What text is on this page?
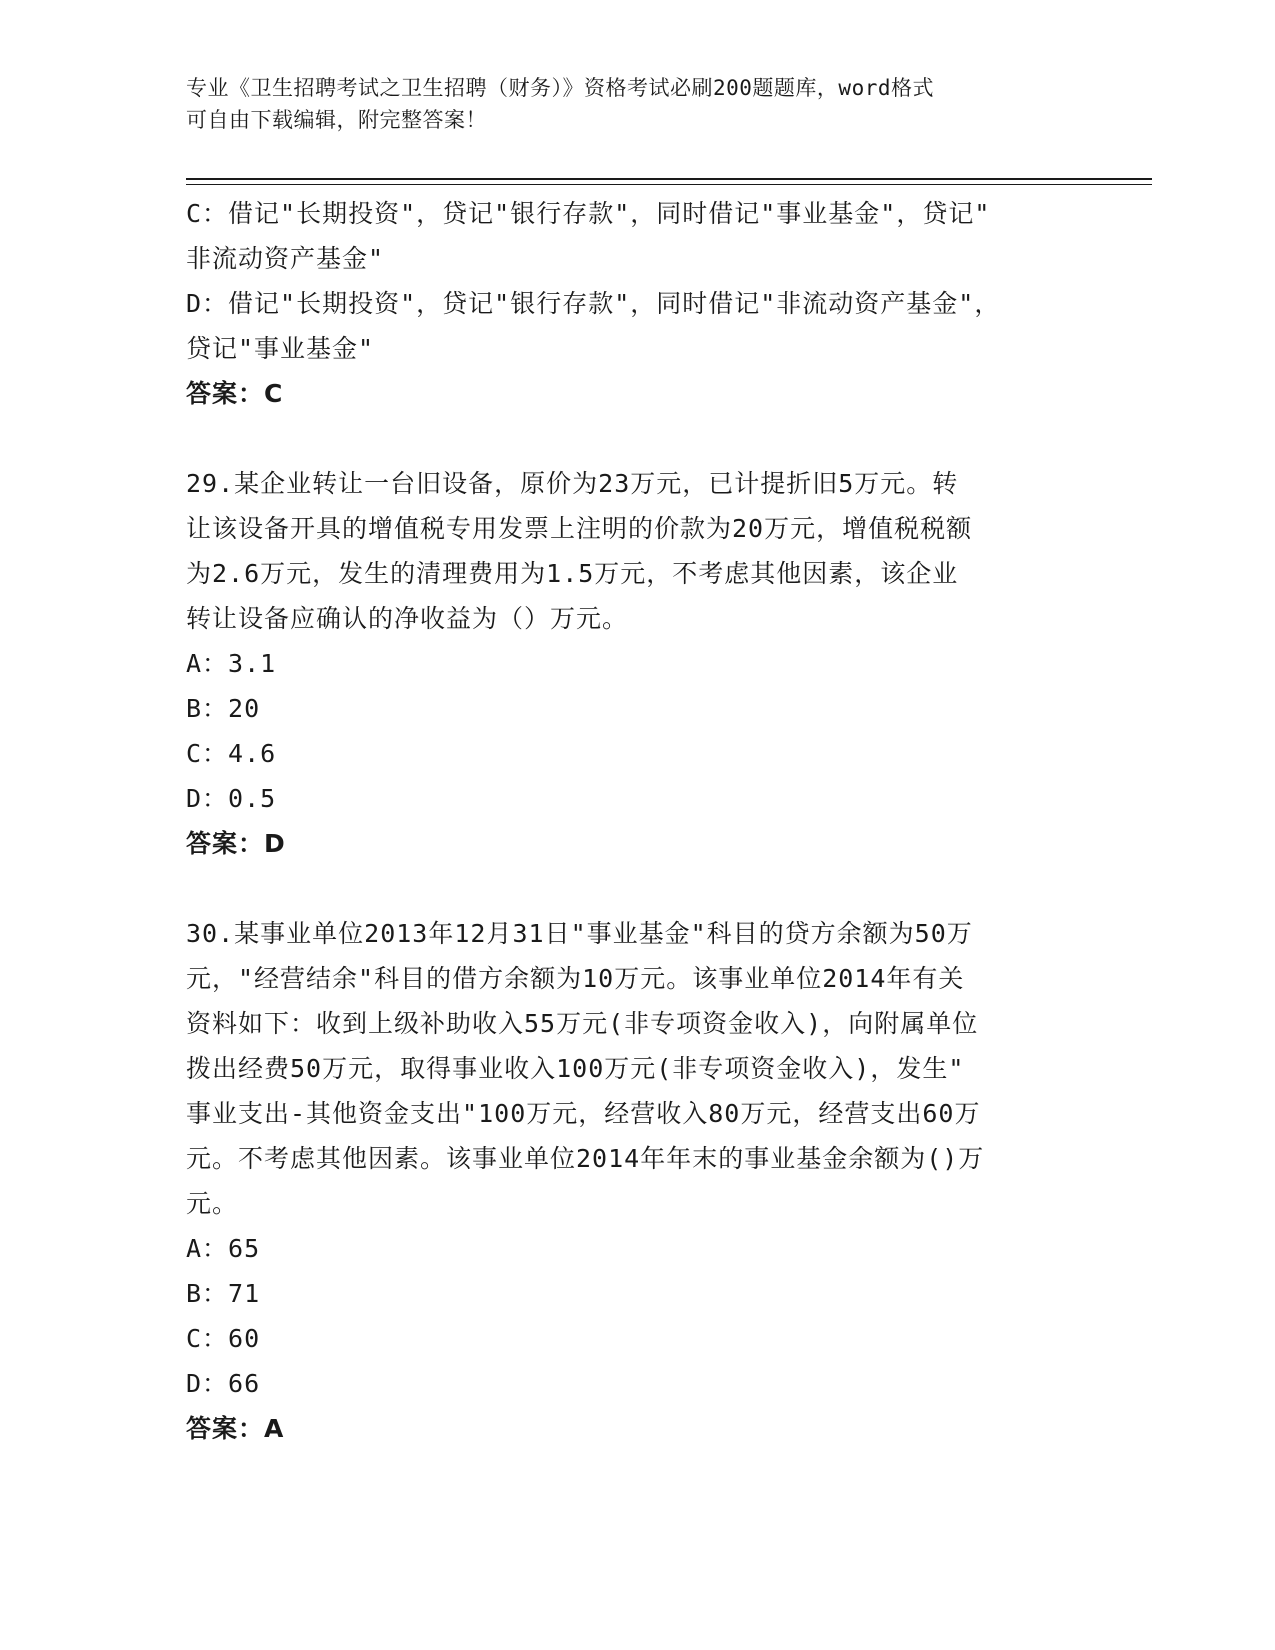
专业《卫生招聘考试之卫生招聘（财务）》资格考试必刷200题题库，word格式
可自由下载编辑，附完整答案！
C：借记"长期投资"，贷记"银行存款"，同时借记"事业基金"，贷记"
非流动资产基金"
D：借记"长期投资"，贷记"银行存款"，同时借记"非流动资产基金"，
贷记"事业基金"
答案：C
29.某企业转让一台旧设备，原价为23万元，已计提折旧5万元。转
让该设备开具的增值税专用发票上注明的价款为20万元，增值税税额
为2.6万元，发生的清理费用为1.5万元，不考虑其他因素，该企业
转让设备应确认的净收益为（）万元。
A：3.1
B：20
C：4.6
D：0.5
答案：D
30.某事业单位2013年12月31日"事业基金"科目的贷方余额为50万
元，"经营结余"科目的借方余额为10万元。该事业单位2014年有关
资料如下：收到上级补助收入55万元(非专项资金收入)，向附属单位
拨出经费50万元，取得事业收入100万元(非专项资金收入)，发生"
事业支出-其他资金支出"100万元，经营收入80万元，经营支出60万
元。不考虑其他因素。该事业单位2014年年末的事业基金余额为()万
元。
A：65
B：71
C：60
D：66
答案：A
